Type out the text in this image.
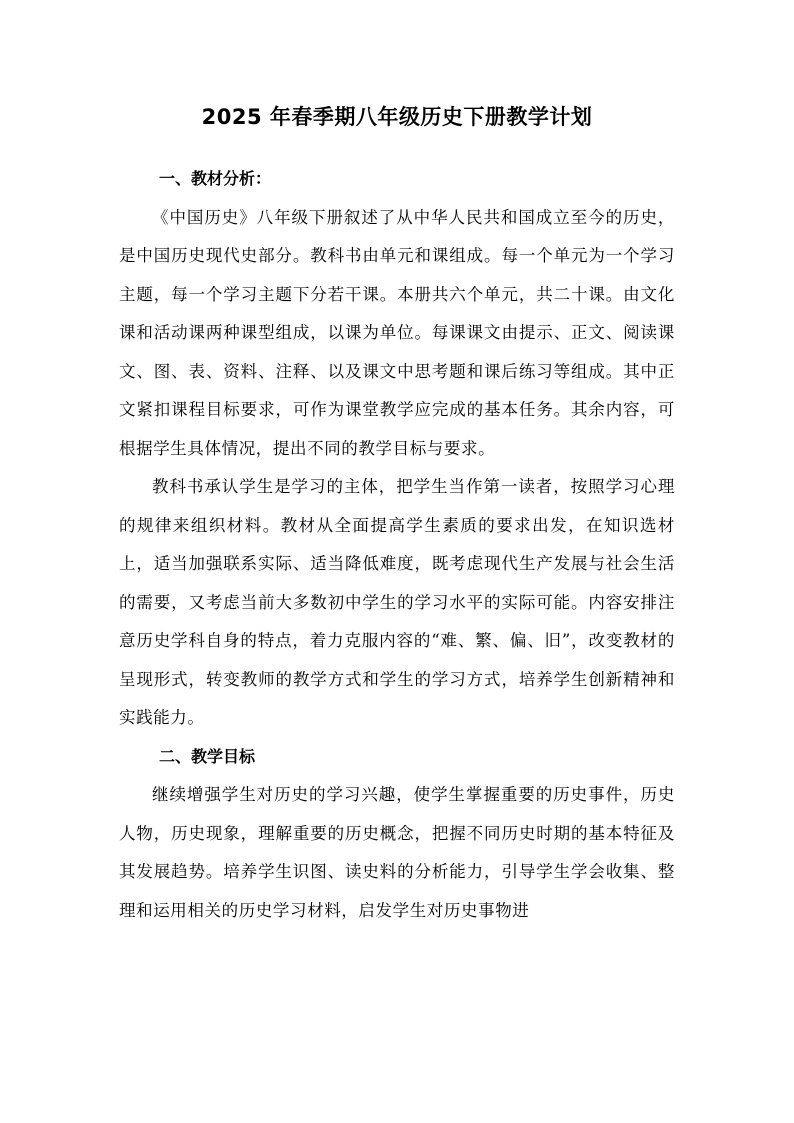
2025 年春季期八年级历史下册教学计划
一、教材分析：

《中国历史》八年级下册叙述了从中华人民共和国成立至今的历史，是中国历史现代史部分。教科书由单元和课组成。每一个单元为一个学习主题，每一个学习主题下分若干课。本册共六个单元，共二十课。由文化课和活动课两种课型组成，以课为单位。每课课文由提示、正文、阅读课文、图、表、资料、注释、以及课文中思考题和课后练习等组成。其中正文紧扣课程目标要求，可作为课堂教学应完成的基本任务。其余内容，可根据学生具体情况，提出不同的教学目标与要求。

教科书承认学生是学习的主体，把学生当作第一读者，按照学习心理的规律来组织材料。教材从全面提高学生素质的要求出发，在知识选材上，适当加强联系实际、适当降低难度，既考虑现代生产发展与社会生活的需要，又考虑当前大多数初中学生的学习水平的实际可能。内容安排注意历史学科自身的特点，着力克服内容的“难、繁、偏、旧”，改变教材的呈现形式，转变教师的教学方式和学生的学习方式，培养学生创新精神和实践能力。

二、教学目标

继续增强学生对历史的学习兴趣，使学生掌握重要的历史事件，历史人物，历史现象，理解重要的历史概念，把握不同历史时期的基本特征及其发展趋势。培养学生识图、读史料的分析能力，引导学生学会收集、整理和运用相关的历史学习材料，启发学生对历史事物进
